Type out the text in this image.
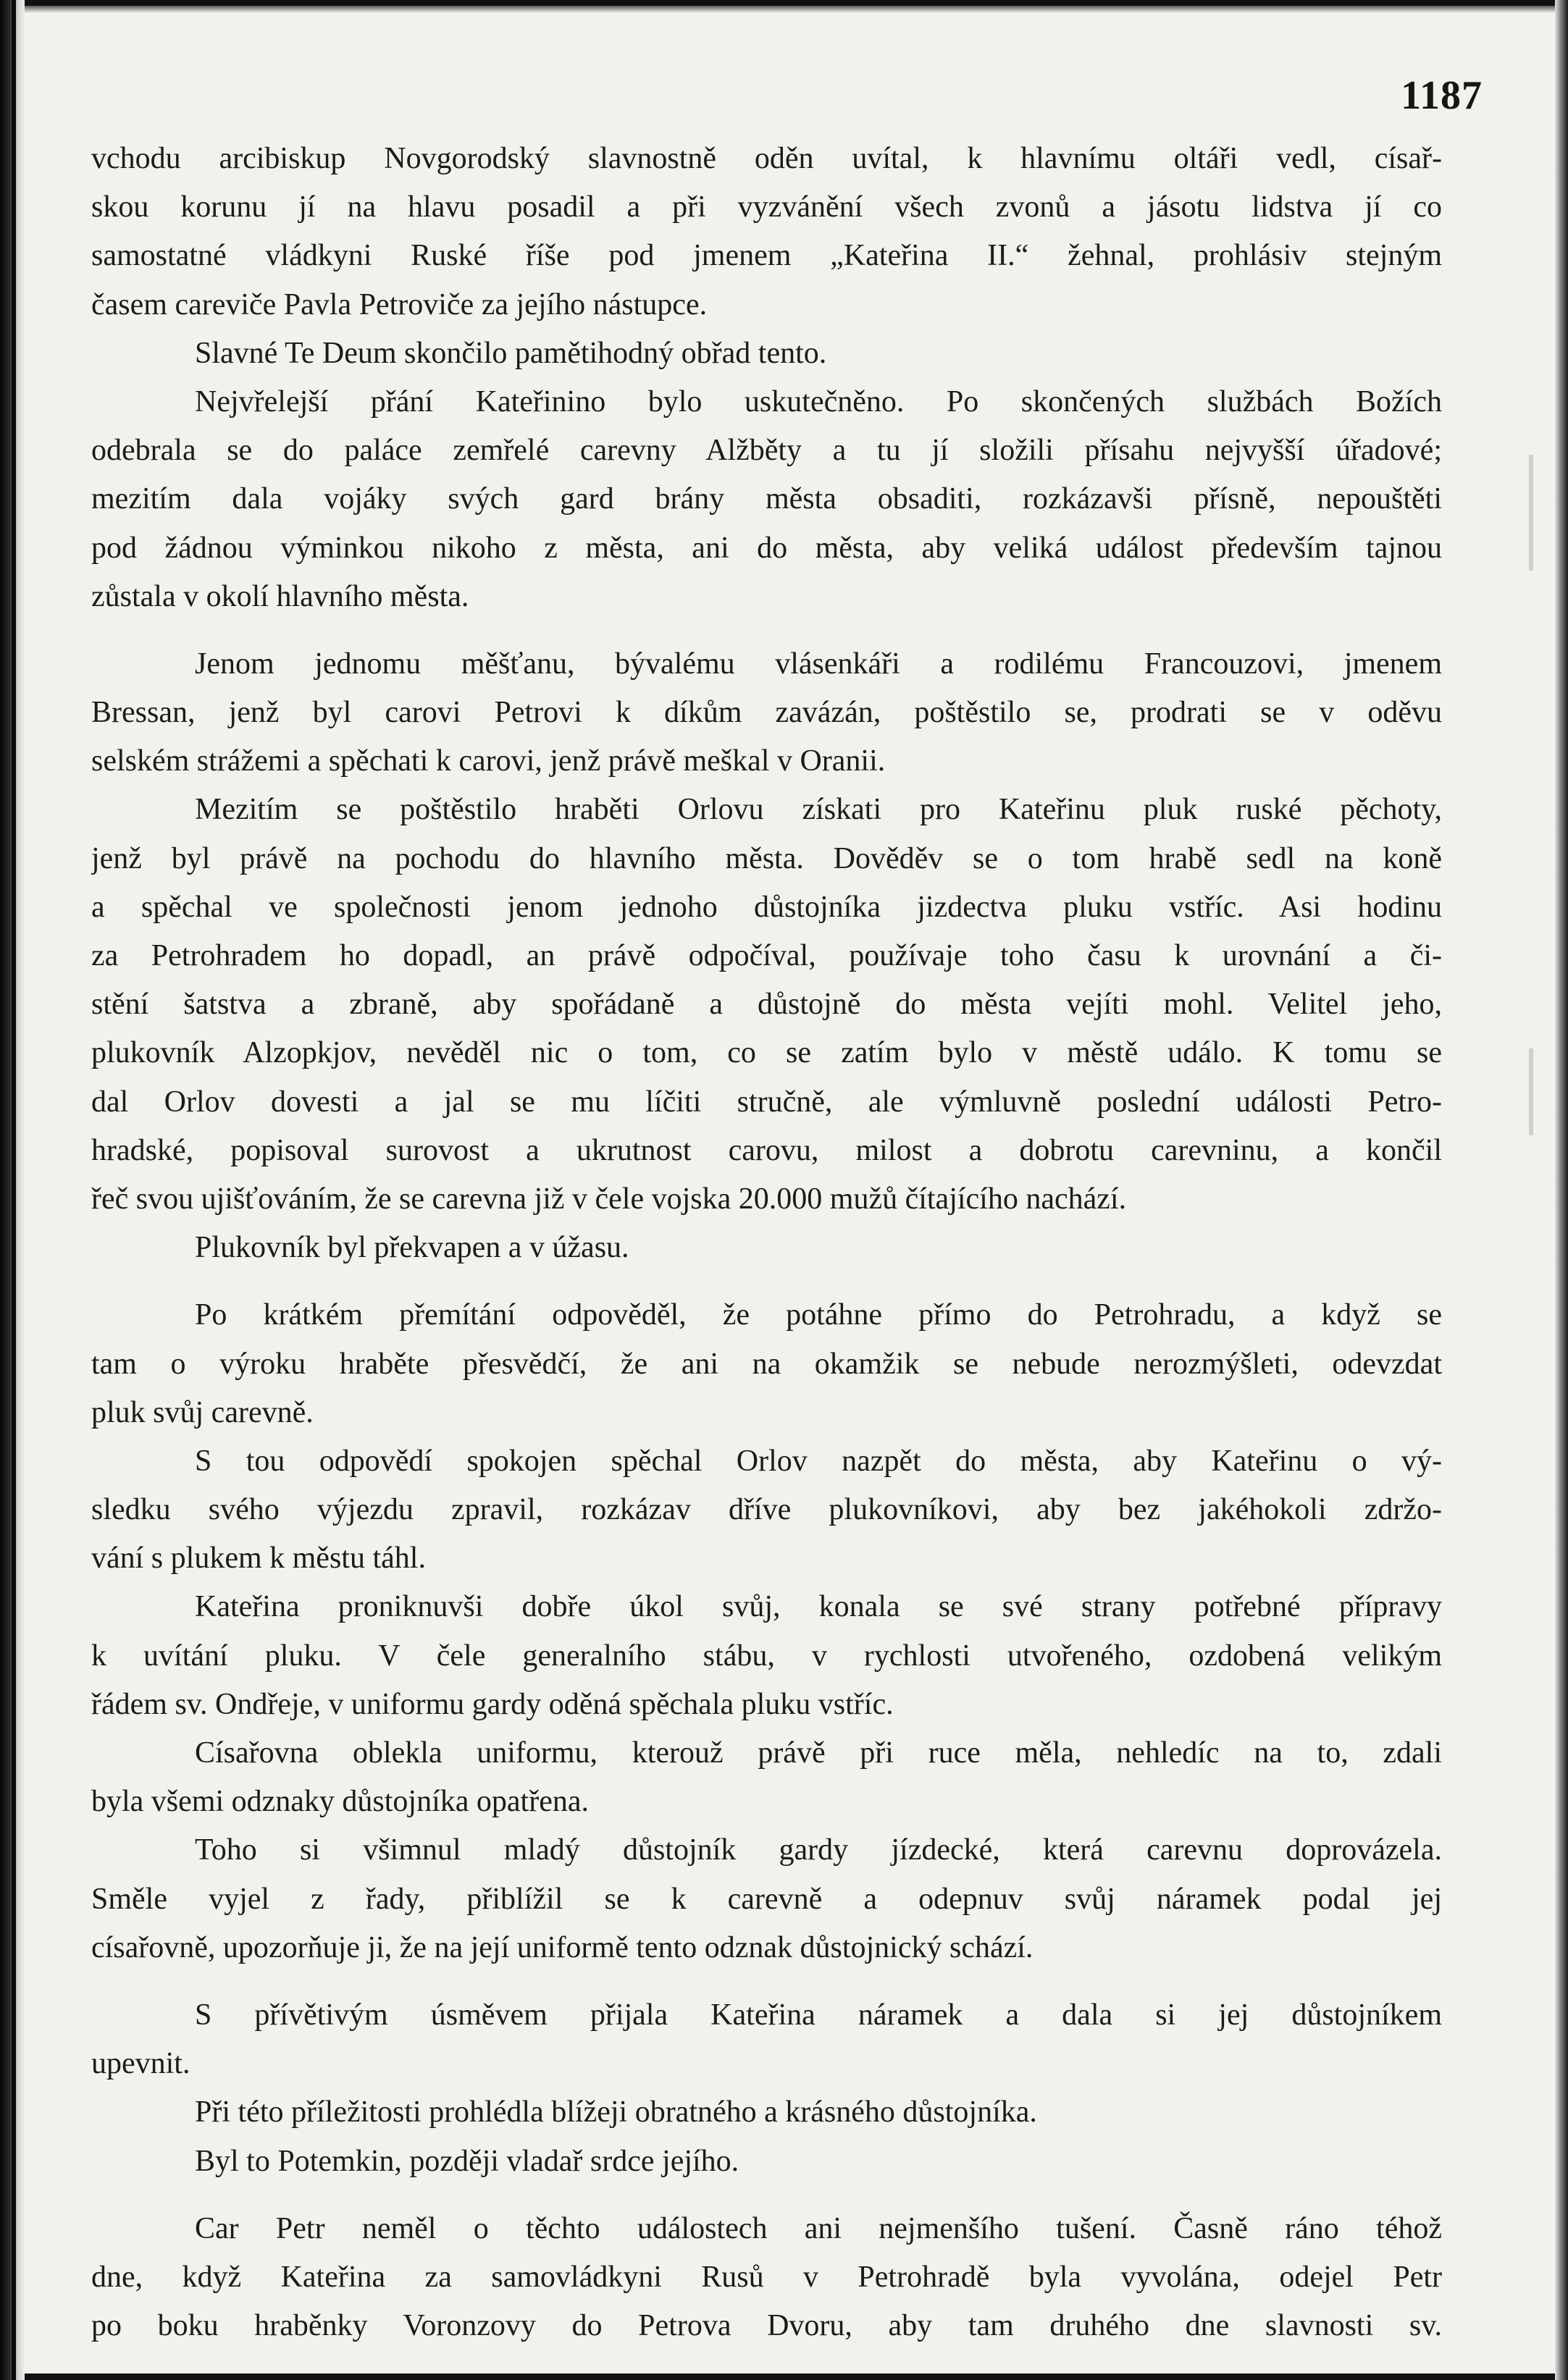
1187

vchodu arcibiskup Novgorodský slavnostně oděn uvítal, k hlavnímu oltáři vedl, císař-
skou korunu jí na hlavu posadil a při vyzvánění všech zvonů a jásotu lidstva jí co
samostatné vládkyni Ruské říše pod jmenem „Kateřina II.“ žehnal, prohlásiv stejným
časem careviče Pavla Petroviče za jejího nástupce.

Slavné Te Deum skončilo pamětihodný obřad tento.

Nejvřelejší přání Kateřinino bylo uskutečněno. Po skončených službách Božích
odebrala se do paláce zemřelé carevny Alžběty a tu jí složili přísahu nejvyšší úřadové;
mezitím dala vojáky svých gard brány města obsaditi, rozkázavši přísně, nepouštěti
pod žádnou výminkou nikoho z města, ani do města, aby veliká událost především tajnou
zůstala v okolí hlavního města.

Jenom jednomu měšťanu, bývalému vlásenkáři a rodilému Francouzovi, jmenem
Bressan, jenž byl carovi Petrovi k díkům zavázán, poštěstilo se, prodrati se v oděvu
selském strážemi a spěchati k carovi, jenž právě meškal v Oranii.

Mezitím se poštěstilo hraběti Orlovu získati pro Kateřinu pluk ruské pěchoty,
jenž byl právě na pochodu do hlavního města. Dověděv se o tom hrabě sedl na koně
a spěchal ve společnosti jenom jednoho důstojníka jizdectva pluku vstříc. Asi hodinu
za Petrohradem ho dopadl, an právě odpočíval, používaje toho času k urovnání a či-
stění šatstva a zbraně, aby spořádaně a důstojně do města vejíti mohl. Velitel jeho,
plukovník Alzopkjov, nevěděl nic o tom, co se zatím bylo v městě událo. K tomu se
dal Orlov dovesti a jal se mu líčiti stručně, ale výmluvně poslední události Petro-
hradské, popisoval surovost a ukrutnost carovu, milost a dobrotu carevninu, a končil
řeč svou ujišťováním, že se carevna již v čele vojska 20.000 mužů čítajícího nachází.

Plukovník byl překvapen a v úžasu.

Po krátkém přemítání odpověděl, že potáhne přímo do Petrohradu, a když se
tam o výroku hraběte přesvědčí, že ani na okamžik se nebude nerozmýšleti, odevzdat
pluk svůj carevně.

S tou odpovědí spokojen spěchal Orlov nazpět do města, aby Kateřinu o vý-
sledku svého výjezdu zpravil, rozkázav dříve plukovníkovi, aby bez jakéhokoli zdržo-
vání s plukem k městu táhl.

Kateřina proniknuvši dobře úkol svůj, konala se své strany potřebné přípravy
k uvítání pluku. V čele generalního stábu, v rychlosti utvořeného, ozdobená velikým
řádem sv. Ondřeje, v uniformu gardy oděná spěchala pluku vstříc.

Císařovna oblekla uniformu, kterouž právě při ruce měla, nehledíc na to, zdali
byla všemi odznaky důstojníka opatřena.

Toho si všimnul mladý důstojník gardy jízdecké, která carevnu doprovázela.
Směle vyjel z řady, přiblížil se k carevně a odepnuv svůj náramek podal jej
císařovně, upozorňuje ji, že na její uniformě tento odznak důstojnický schází.

S přívětivým úsměvem přijala Kateřina náramek a dala si jej důstojníkem
upevnit.

Při této příležitosti prohlédla blížeji obratného a krásného důstojníka.

Byl to Potemkin, později vladař srdce jejího.

Car Petr neměl o těchto událostech ani nejmenšího tušení. Časně ráno téhož
dne, když Kateřina za samovládkyni Rusů v Petrohradě byla vyvolána, odejel Petr
po boku hraběnky Voronzovy do Petrova Dvoru, aby tam druhého dne slavnosti sv.
